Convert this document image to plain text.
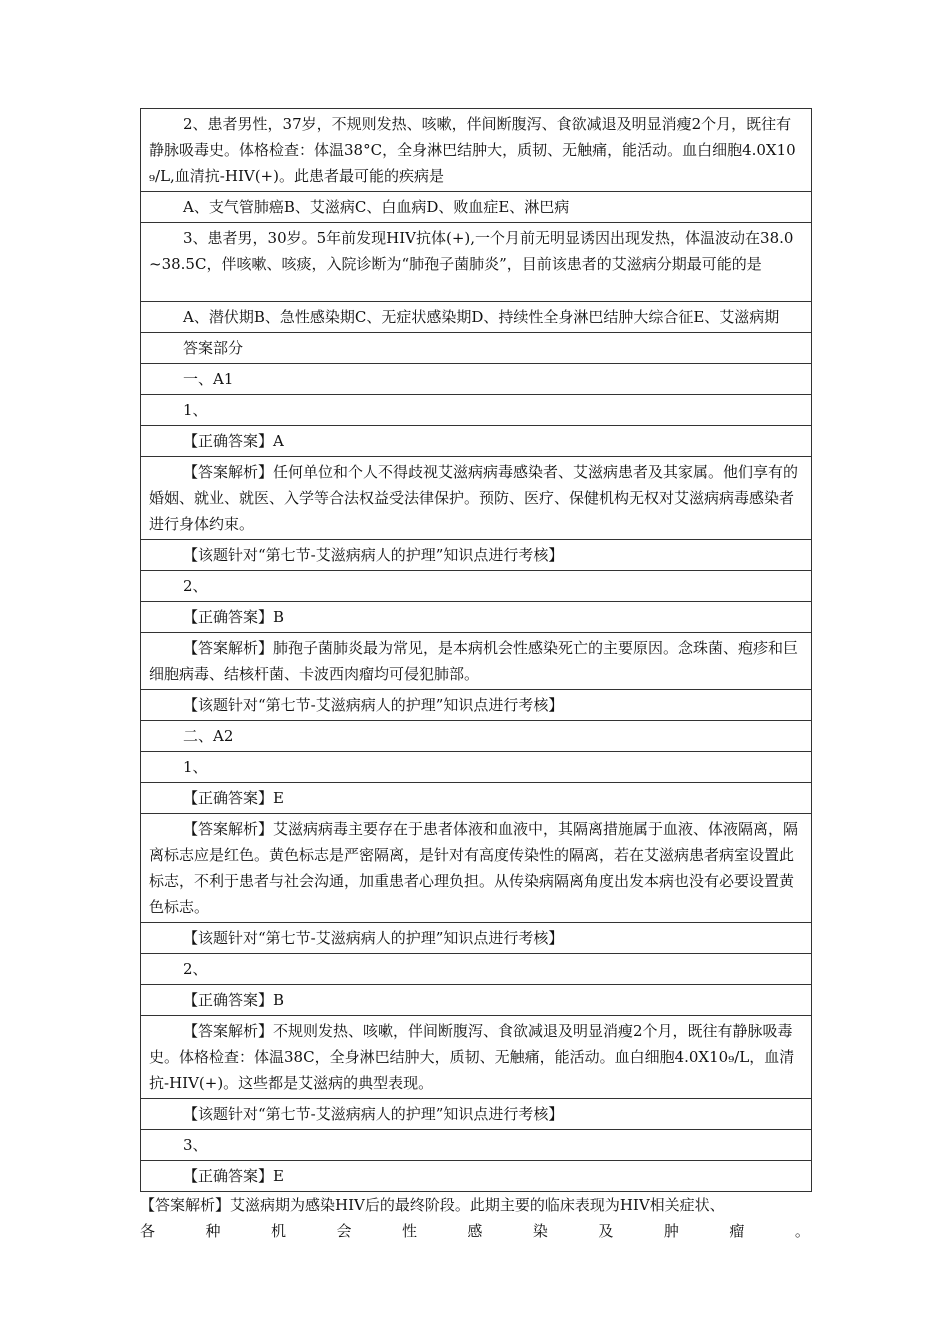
2、患者男性，37岁，不规则发热、咳嗽，伴间断腹泻、食欲减退及明显消瘦2个月，既往有静脉吸毒史。体格检查：体温38°C，全身淋巴结肿大，质韧、无触痛，能活动。血白细胞4.0X10₉/L,血清抗-HIV(+)。此患者最可能的疾病是
A、支气管肺癌B、艾滋病C、白血病D、败血症E、淋巴病
3、患者男，30岁。5年前发现HIV抗体(+),一个月前无明显诱因出现发热，体温波动在38.0~38.5C，伴咳嗽、咳痰，入院诊断为“肺孢子菌肺炎”，目前该患者的艾滋病分期最可能的是
A、潜伏期B、急性感染期C、无症状感染期D、持续性全身淋巴结肿大综合征E、艾滋病期
答案部分
一、A1
1、
【正确答案】A
【答案解析】任何单位和个人不得歧视艾滋病病毒感染者、艾滋病患者及其家属。他们享有的婚姻、就业、就医、入学等合法权益受法律保护。预防、医疗、保健机构无权对艾滋病病毒感染者进行身体约束。
【该题针对“第七节-艾滋病病人的护理”知识点进行考核】
2、
【正确答案】B
【答案解析】肺孢子菌肺炎最为常见，是本病机会性感染死亡的主要原因。念珠菌、疱疹和巨细胞病毒、结核杆菌、卡波西肉瘤均可侵犯肺部。
【该题针对“第七节-艾滋病病人的护理”知识点进行考核】
二、A2
1、
【正确答案】E
【答案解析】艾滋病病毒主要存在于患者体液和血液中，其隔离措施属于血液、体液隔离，隔离标志应是红色。黄色标志是严密隔离，是针对有高度传染性的隔离，若在艾滋病患者病室设置此标志，不利于患者与社会沟通，加重患者心理负担。从传染病隔离角度出发本病也没有必要设置黄色标志。
【该题针对“第七节-艾滋病病人的护理”知识点进行考核】
2、
【正确答案】B
【答案解析】不规则发热、咳嗽，伴间断腹泻、食欲减退及明显消瘦2个月，既往有静脉吸毒史。体格检查：体温38C，全身淋巴结肿大，质韧、无触痛，能活动。血白细胞4.0X10₉/L，血清抗-HIV(+)。这些都是艾滋病的典型表现。
【该题针对“第七节-艾滋病病人的护理”知识点进行考核】
3、
【正确答案】E
【答案解析】艾滋病期为感染HIV后的最终阶段。此期主要的临床表现为HIV相关症状、
各	种	机	会	性	感	染	及	肿	瘤	。
